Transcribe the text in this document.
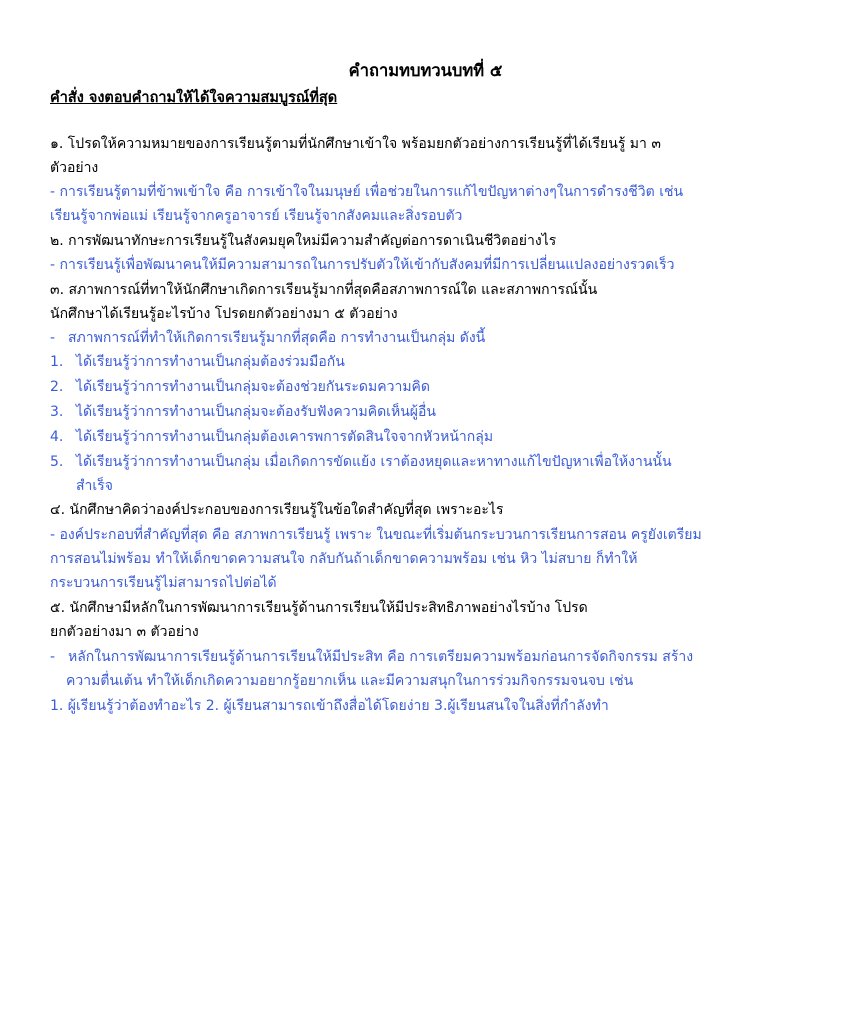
คำถามทบทวนบทที่ ๕
คำสั่ง จงตอบคำถามให้ได้ใจความสมบูรณ์ที่สุด
๑. โปรดให้ความหมายของการเรียนรู้ตามที่นักศึกษาเข้าใจ พร้อมยกตัวอย่างการเรียนรู้ที่ได้เรียนรู้ มา ๓
ตัวอย่าง
- การเรียนรู้ตามที่ข้าพเข้าใจ คือ การเข้าใจในมนุษย์ เพื่อช่วยในการแก้ไขปัญหาต่างๆในการดำรงชีวิต เช่น
เรียนรู้จากพ่อแม่ เรียนรู้จากครูอาจารย์ เรียนรู้จากสังคมและสิ่งรอบตัว
๒. การพัฒนาทักษะการเรียนรู้ในสังคมยุคใหม่มีความสำคัญต่อการดาเนินชีวิตอย่างไร
- การเรียนรู้เพื่อพัฒนาคนให้มีความสามารถในการปรับตัวให้เข้ากับสังคมที่มีการเปลี่ยนแปลงอย่างรวดเร็ว
๓. สภาพการณ์ที่ทาให้นักศึกษาเกิดการเรียนรู้มากที่สุดคือสภาพการณ์ใด และสภาพการณ์นั้น
นักศึกษาได้เรียนรู้อะไรบ้าง โปรดยกตัวอย่างมา ๕ ตัวอย่าง
- สภาพการณ์ที่ทำให้เกิดการเรียนรู้มากที่สุดคือ การทำงานเป็นกลุ่ม ดังนี้
1. ได้เรียนรู้ว่าการทำงานเป็นกลุ่มต้องร่วมมือกัน
2. ได้เรียนรู้ว่าการทำงานเป็นกลุ่มจะต้องช่วยกันระดมความคิด
3. ได้เรียนรู้ว่าการทำงานเป็นกลุ่มจะต้องรับฟังความคิดเห็นผู้อื่น
4. ได้เรียนรู้ว่าการทำงานเป็นกลุ่มต้องเคารพการตัดสินใจจากหัวหน้ากลุ่ม
5. ได้เรียนรู้ว่าการทำงานเป็นกลุ่ม เมื่อเกิดการขัดแย้ง เราต้องหยุดและหาทางแก้ไขปัญหาเพื่อให้งานนั้น
สำเร็จ
๔. นักศึกษาคิดว่าองค์ประกอบของการเรียนรู้ในข้อใดสำคัญที่สุด เพราะอะไร
- องค์ประกอบที่สำคัญที่สุด คือ สภาพการเรียนรู้ เพราะ ในขณะที่เริ่มต้นกระบวนการเรียนการสอน ครูยังเตรียม
การสอนไม่พร้อม ทำให้เด็กขาดความสนใจ กลับกันถ้าเด็กขาดความพร้อม เช่น หิว ไม่สบาย ก็ทำให้
กระบวนการเรียนรู้ไม่สามารถไปต่อได้
๕. นักศึกษามีหลักในการพัฒนาการเรียนรู้ด้านการเรียนให้มีประสิทธิภาพอย่างไรบ้าง โปรด
ยกตัวอย่างมา ๓ ตัวอย่าง
- หลักในการพัฒนาการเรียนรู้ด้านการเรียนให้มีประสิท คือ การเตรียมความพร้อมก่อนการจัดกิจกรรม สร้าง
ความตื่นเต้น ทำให้เด็กเกิดความอยากรู้อยากเห็น และมีความสนุกในการร่วมกิจกรรมจนจบ เช่น
1. ผู้เรียนรู้ว่าต้องทำอะไร 2. ผู้เรียนสามารถเข้าถึงสื่อได้โดยง่าย 3.ผู้เรียนสนใจในสิ่งที่กำลังทำ
